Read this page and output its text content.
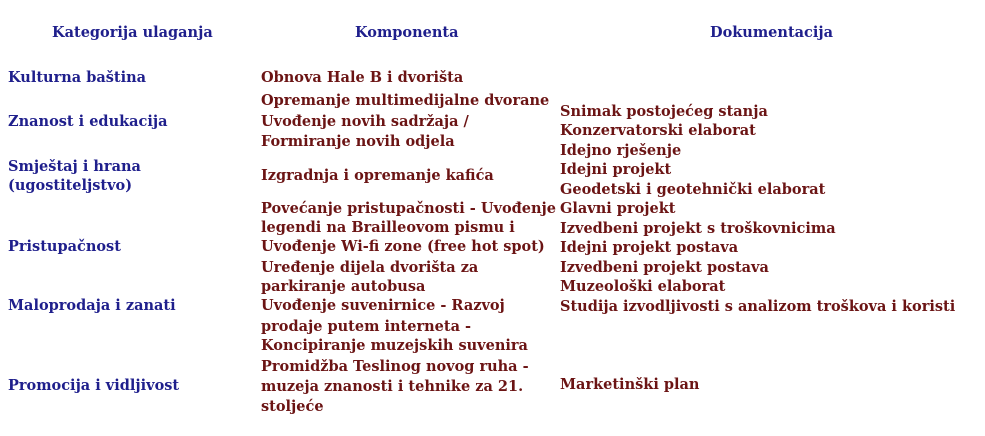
Kategorija ulaganja	Komponenta	Dokumentacija
Kulturna baština
Znanost i edukacija
Smještaj i hrana
(ugostiteljstvo)
Pristupačnost
Maloprodaja i zanati
Promocija i vidljivost
Obnova Hale B i dvorišta
Opremanje multimedijalne dvorane
Uvođenje novih sadržaja /
Formiranje novih odjela
Izgradnja i opremanje kafića
Povećanje pristupačnosti - Uvođenje
legendi na Brailleovom pismu i
Uvođenje Wi-fi zone (free hot spot)
Uređenje dijela dvorišta za
parkiranje autobusa
Uvođenje suvenirnice - Razvoj
prodaje putem interneta -
Koncipiranje muzejskih suvenira
Promidžba Teslinog novog ruha -
muzeja znanosti i tehnike za 21.
stoljeće
Snimak postojećeg stanja
Konzervatorski elaborat
Idejno rješenje
Idejni projekt
Geodetski i geotehnički elaborat
Glavni projekt
Izvedbeni projekt s troškovnicima
Idejni projekt postava
Izvedbeni projekt postava
Muzeološki elaborat
Studija izvodljivosti s analizom troškova i koristi
Marketinški plan
